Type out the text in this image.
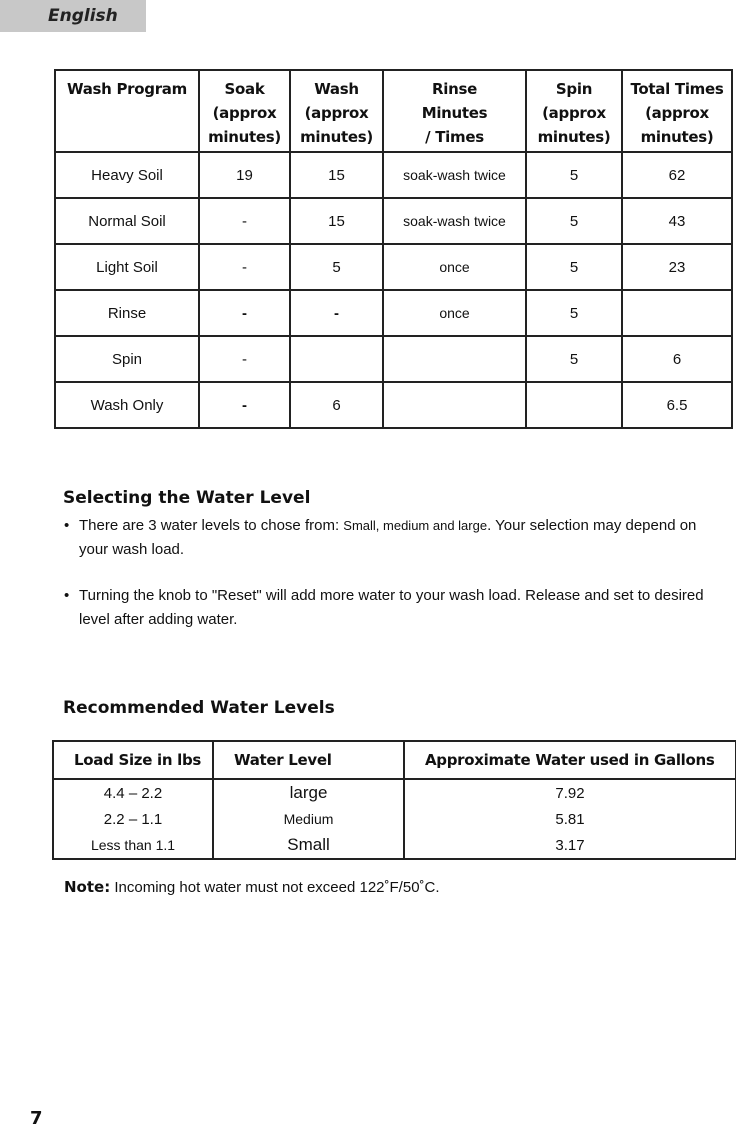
English
Wash Program	Soak
(approx
minutes)	Wash
(approx
minutes)	Rinse
Minutes
/ Times	Spin
(approx
minutes)	Total Times
(approx
minutes)

Heavy Soil	19	15	soak-wash twice	5	62
Normal Soil	-	15	soak-wash twice	5	43
Light Soil	-	5	once	5	23
Rinse	-	-	once	5	
Spin	-			5	6
Wash Only	-	6			6.5
Selecting the Water Level

• There are 3 water levels to chose from: Small, medium and large. Your selection may depend on your wash load.

• Turning the knob to "Reset" will add more water to your wash load. Release and set to desired level after adding water.

Recommended Water Levels
Load Size in lbs	Water Level	Approximate Water used in Gallons
4.4 – 2.2	large	7.92
2.2 – 1.1	Medium	5.81
Less than 1.1	Small	3.17

Note: Incoming hot water must not exceed 122˚F/50˚C.

7
